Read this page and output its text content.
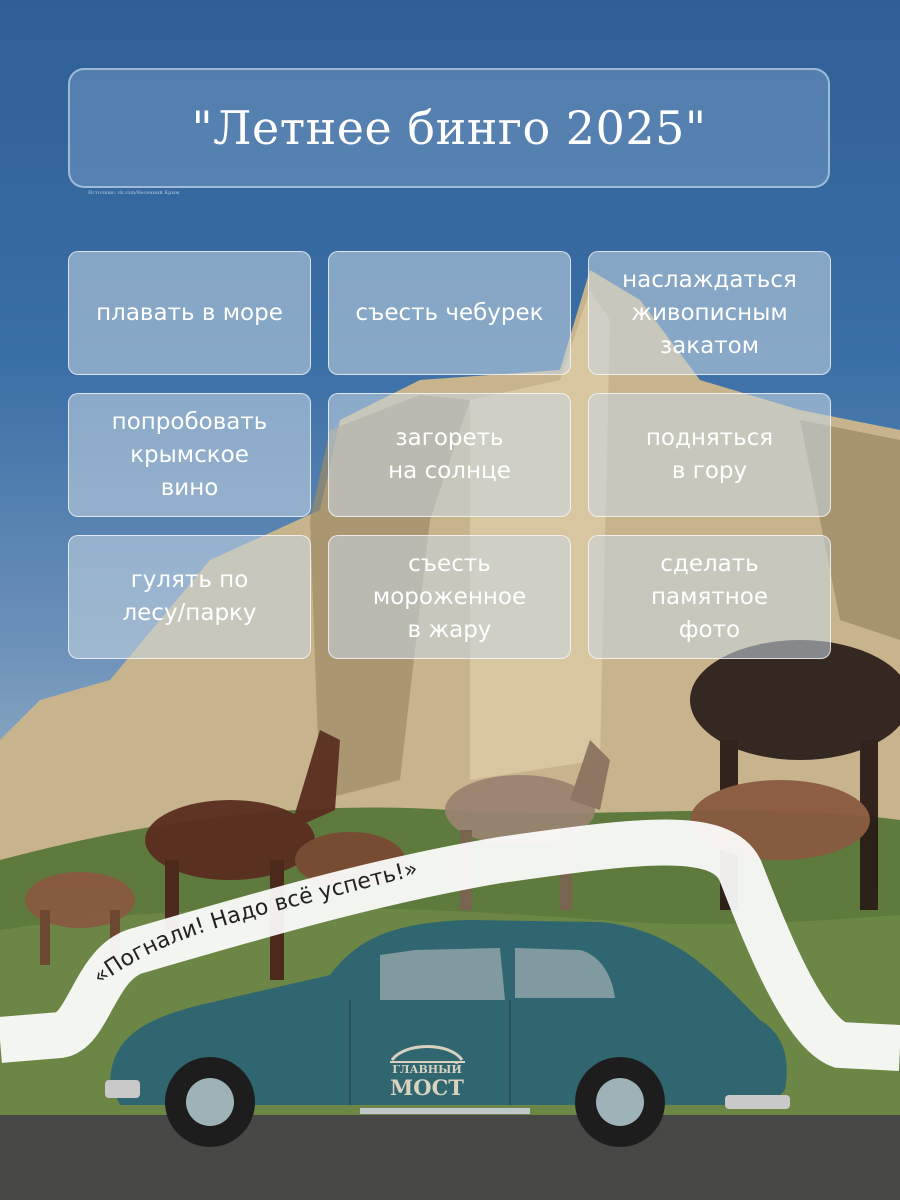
ГЛАВНЫЙ
МОСТ
«Погнали! Надо всё успеть!»
"Летнее бинго 2025"
Источник: vk.com/Весенний Крым
плавать в море	съесть чебурек
наслаждаться
живописным
закатом
попробовать
крымское
вино
загореть
на солнце
подняться
в гору
гулять по
лесу/парку
съесть
мороженное
в жару
сделать
памятное
фото
